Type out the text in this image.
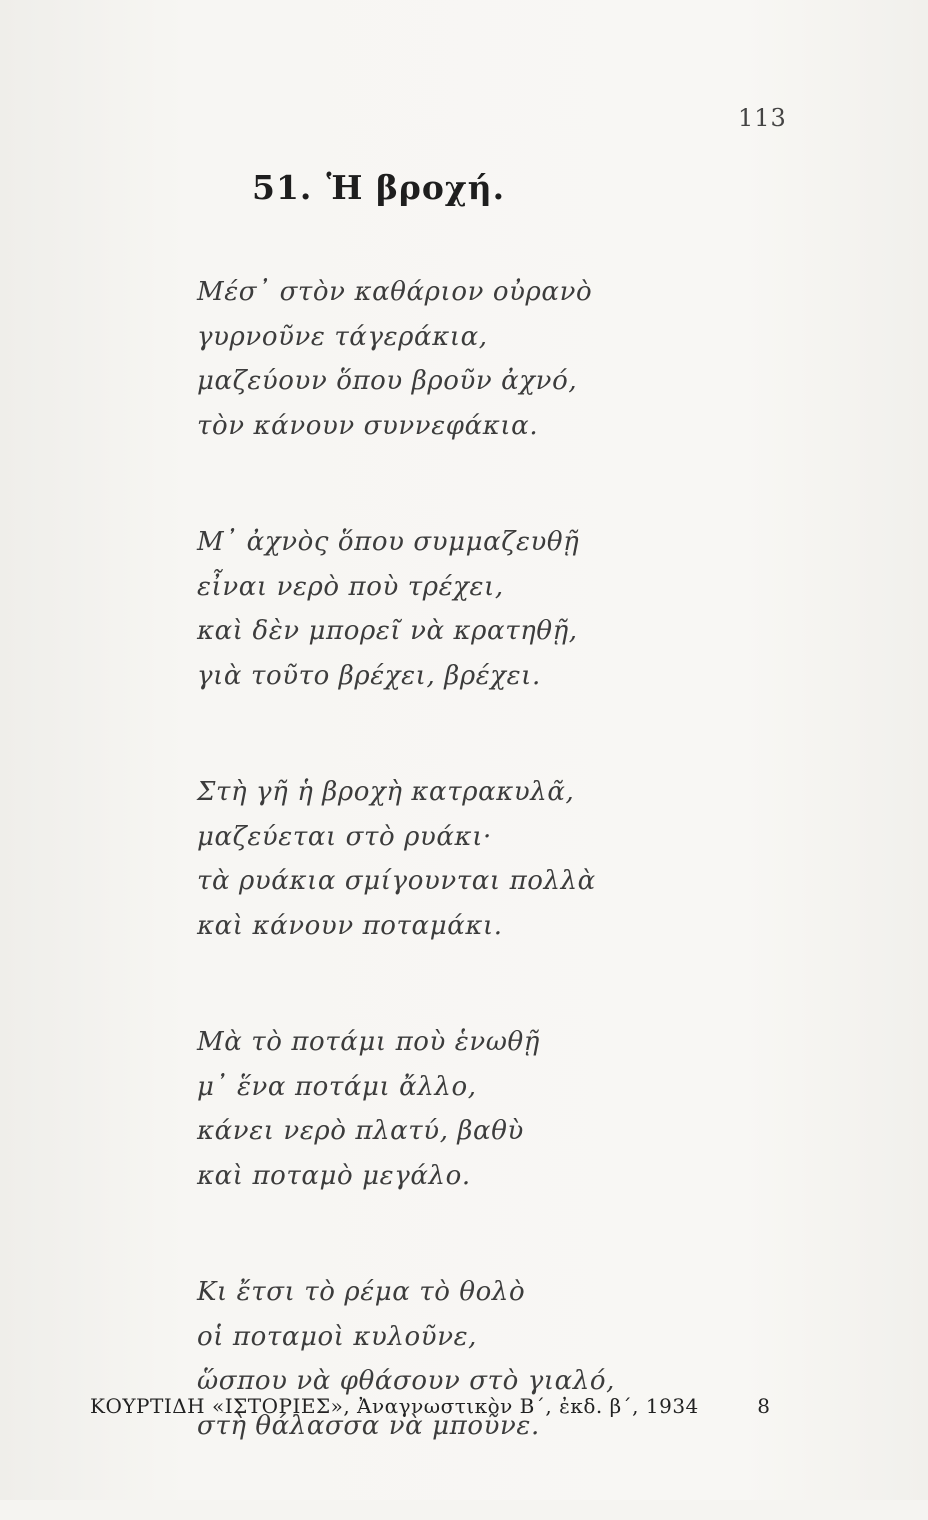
113
51. Ἡ βροχή.
Μέσ᾽ στὸν καθάριον οὐρανὸ
γυρνοῦνε τάγεράκια,
μαζεύουν ὅπου βροῦν ἀχνό,
τὸν κάνουν συννεφάκια.
Μ᾽ ἀχνὸς ὅπου συμμαζευθῇ
εἶναι νερὸ ποὺ τρέχει,
καὶ δὲν μπορεῖ νὰ κρατηθῇ,
γιὰ τοῦτο βρέχει, βρέχει.
Στὴ γῆ ἡ βροχὴ κατρακυλᾶ,
μαζεύεται στὸ ρυάκι·
τὰ ρυάκια σμίγουνται πολλὰ
καὶ κάνουν ποταμάκι.
Μὰ τὸ ποτάμι ποὺ ἑνωθῇ
μ᾽ ἕνα ποτάμι ἄλλο,
κάνει νερὸ πλατύ, βαθὺ
καὶ ποταμὸ μεγάλο.
Κι ἔτσι τὸ ρέμα τὸ θολὸ
οἱ ποταμοὶ κυλοῦνε,
ὥσπου νὰ φθάσουν στὸ γιαλό,
στὴ θάλασσα νὰ μποῦνε.
ΚΟΥΡΤΙΔΗ «ΙΣΤΟΡΙΕΣ», Ἀναγνωστικὸν Β΄, ἐκδ. β΄, 1934	8
